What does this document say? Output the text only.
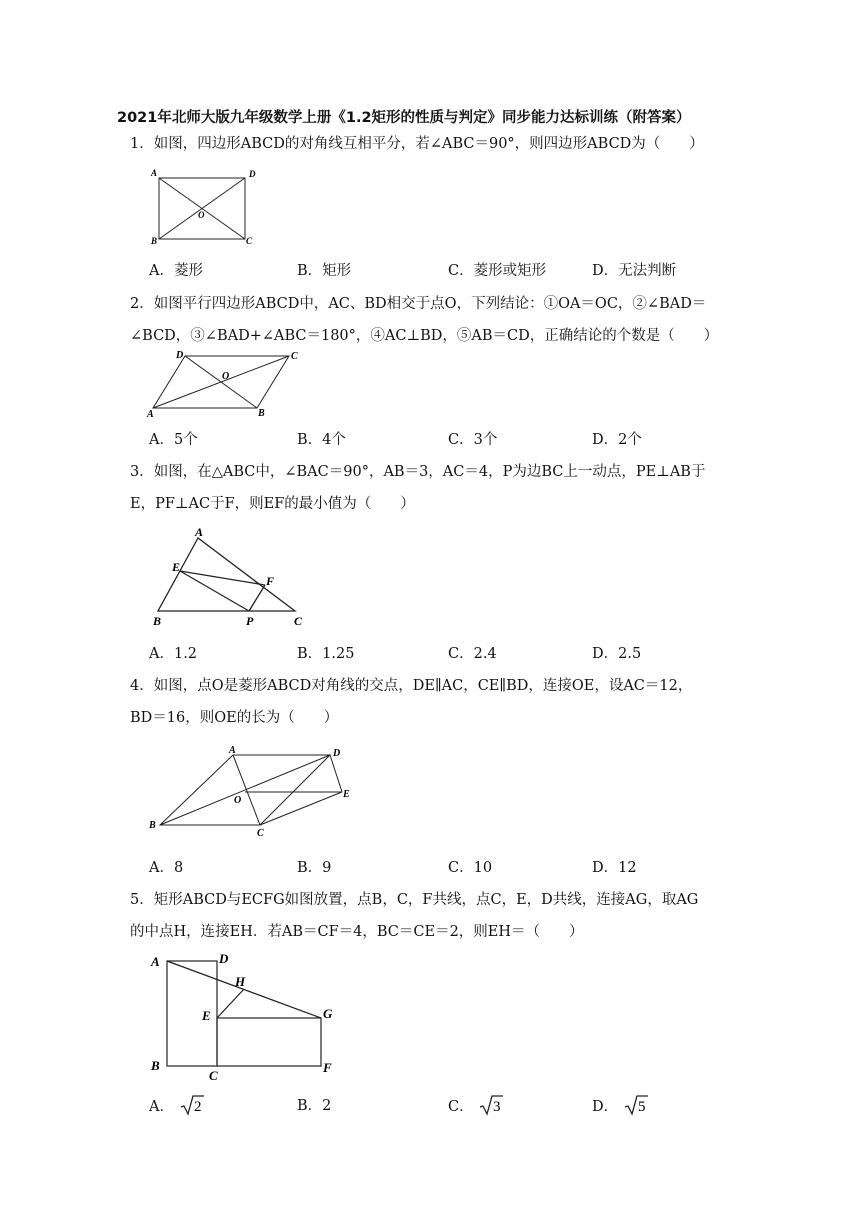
2021年北师大版九年级数学上册《1.2矩形的性质与判定》同步能力达标训练（附答案）
1．如图，四边形ABCD的对角线互相平分，若∠ABC＝90°，则四边形ABCD为（　　）
A	D
O
B	C
A．菱形	B．矩形	C．菱形或矩形	D．无法判断
2．如图平行四边形ABCD中，AC、BD相交于点O，下列结论：①OA＝OC，②∠BAD＝
∠BCD，③∠BAD+∠ABC＝180°，④AC⊥BD，⑤AB＝CD，正确结论的个数是（　　）
D	C
O
A	B
A．5个	B．4个	C．3个	D．2个
3．如图，在△ABC中，∠BAC＝90°，AB＝3，AC＝4，P为边BC上一动点，PE⊥AB于
E，PF⊥AC于F，则EF的最小值为（　　）
A
E
F
B	P	C
A．1.2	B．1.25	C．2.4	D．2.5
4．如图，点O是菱形ABCD对角线的交点，DE∥AC，CE∥BD，连接OE，设AC＝12，
BD＝16，则OE的长为（　　）
A	D
O
E
B
C
A．8	B．9	C．10	D．12
5．矩形ABCD与ECFG如图放置，点B，C，F共线，点C，E，D共线，连接AG，取AG
的中点H，连接EH．若AB＝CF＝4，BC＝CE＝2，则EH＝（　　）
A	D
H
E	G
B
C
F
A． 2	B．2	C． 3	D． 5
